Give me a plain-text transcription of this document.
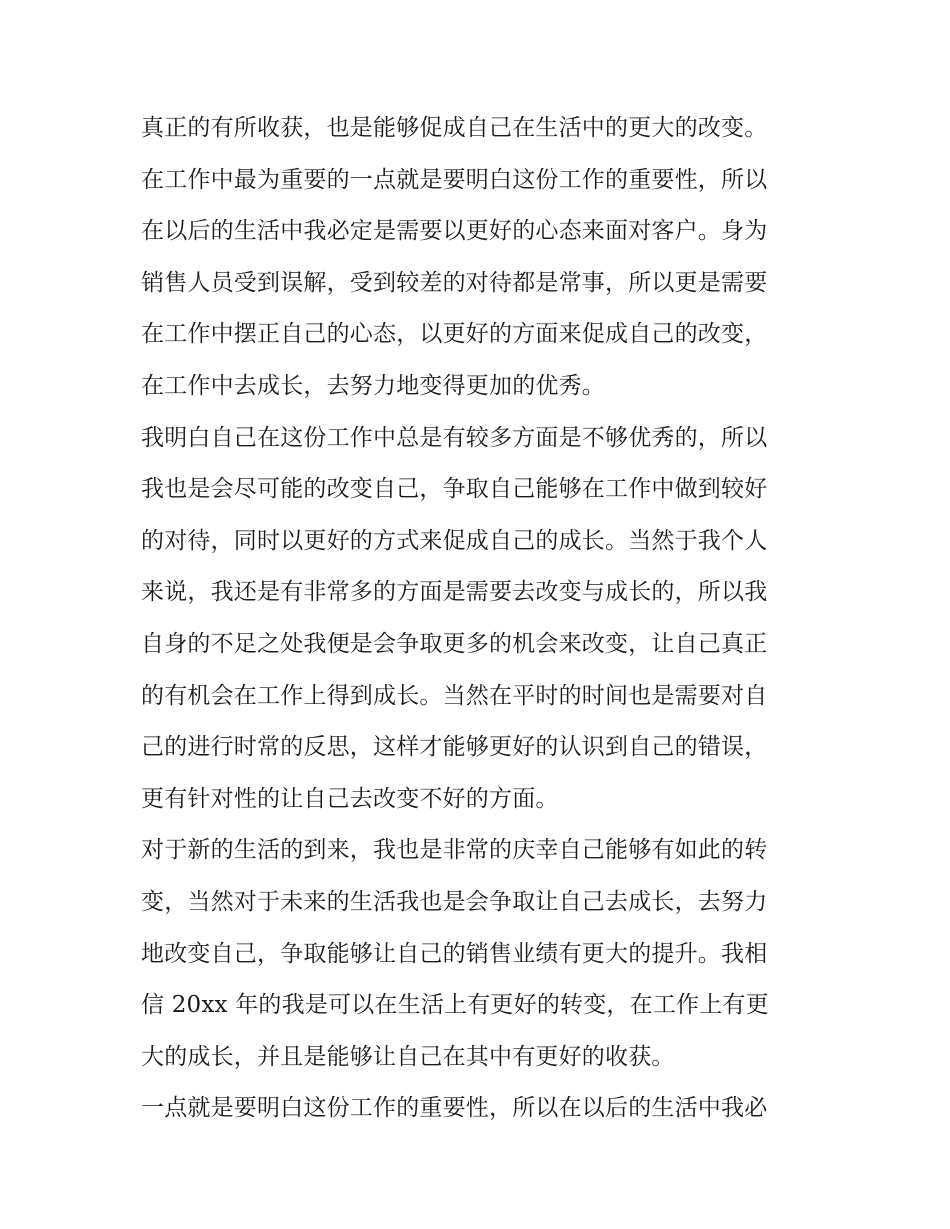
真正的有所收获，也是能够促成自己在生活中的更大的改变。

在工作中最为重要的一点就是要明白这份工作的重要性，所以
在以后的生活中我必定是需要以更好的心态来面对客户。身为
销售人员受到误解，受到较差的对待都是常事，所以更是需要
在工作中摆正自己的心态，以更好的方面来促成自己的改变，
在工作中去成长，去努力地变得更加的优秀。

我明白自己在这份工作中总是有较多方面是不够优秀的，所以
我也是会尽可能的改变自己，争取自己能够在工作中做到较好
的对待，同时以更好的方式来促成自己的成长。当然于我个人
来说，我还是有非常多的方面是需要去改变与成长的，所以我
自身的不足之处我便是会争取更多的机会来改变，让自己真正
的有机会在工作上得到成长。当然在平时的时间也是需要对自
己的进行时常的反思，这样才能够更好的认识到自己的错误，
更有针对性的让自己去改变不好的方面。

对于新的生活的到来，我也是非常的庆幸自己能够有如此的转
变，当然对于未来的生活我也是会争取让自己去成长，去努力
地改变自己，争取能够让自己的销售业绩有更大的提升。我相
信 20xx 年的我是可以在生活上有更好的转变，在工作上有更
大的成长，并且是能够让自己在其中有更好的收获。

一点就是要明白这份工作的重要性，所以在以后的生活中我必
